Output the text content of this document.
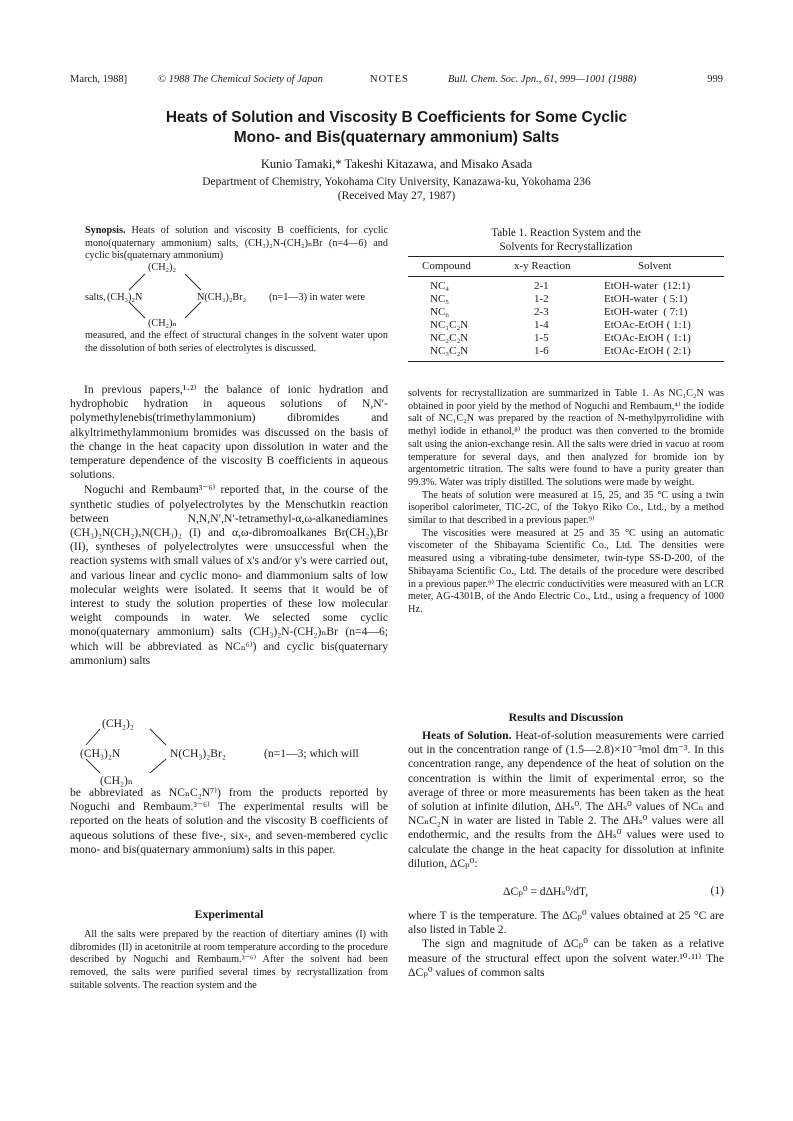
March, 1988]	© 1988 The Chemical Society of Japan	NOTES	Bull. Chem. Soc. Jpn., 61, 999—1001 (1988)	999
Heats of Solution and Viscosity B Coefficients for Some Cyclic
Mono- and Bis(quaternary ammonium) Salts
Kunio Tamaki,* Takeshi Kitazawa, and Misako Asada
Department of Chemistry, Yokohama City University, Kanazawa-ku, Yokohama 236
(Received May 27, 1987)
Synopsis. Heats of solution and viscosity B coefficients, for cyclic mono(quaternary ammonium) salts, (CH₃)₂N-(CH₂)ₙBr (n=4—6) and cyclic bis(quaternary ammonium)
(CH₂)₂
salts, (CH₃)₂N	N(CH₃)₂Br₂ (n=1—3) in water were
(CH₂)ₙ
measured, and the effect of structural changes in the solvent water upon the dissolution of both series of electrolytes is discussed.

In previous papers,¹·²⁾ the balance of ionic hydration and hydrophobic hydration in aqueous solutions of N,N′-polymethylenebis(trimethylammonium) dibromides and alkyltrimethylammonium bromides was discussed on the basis of the change in the heat capacity upon dissolution in water and the temperature dependence of the viscosity B coefficients in aqueous solutions.

Noguchi and Rembaum³⁻⁶⁾ reported that, in the course of the synthetic studies of polyelectrolytes by the Menschutkin reaction between N,N,N′,N′-tetramethyl-α,ω-alkanediamines (CH₃)₂N(CH₂)ₓN(CH₃)₂ (I) and α,ω-dibromoalkanes Br(CH₂)ᵧBr (II), syntheses of polyelectrolytes were unsuccessful when the reaction systems with small values of x's and/or y's were carried out, and various linear and cyclic mono- and diammonium salts of low molecular weights were isolated. It seems that it would be of interest to study the solution properties of these low molecular weight compounds in water. We selected some cyclic mono(quaternary ammonium) salts (CH₃)₂N-(CH₂)ₙBr (n=4—6; which will be abbreviated as NCₙ⁶⁾) and cyclic bis(quaternary ammonium) salts

(CH₂)₂
(CH₃)₂N	N(CH₃)₂Br₂	(n=1—3; which will
(CH₂)ₙ
be abbreviated as NCₙC₂N⁷⁾) from the products reported by Noguchi and Rembaum.³⁻⁶⁾ The experimental results will be reported on the heats of solution and the viscosity B coefficients of aqueous solutions of these five-, six-, and seven-membered cyclic mono- and bis(quaternary ammonium) salts in this paper.
Experimental
All the salts were prepared by the reaction of ditertiary amines (I) with dibromides (II) in acetonitrile at room temperature according to the procedure described by Noguchi and Rembaum.³⁻⁶⁾ After the solvent had been removed, the salts were purified several times by recrystallization from suitable solvents. The reaction system and the
Table 1. Reaction System and the
Solvents for Recrystallization
Compound	x-y Reaction	Solvent
NC₄	2-1	EtOH-water  (12:1)
NC₅	1-2	EtOH-water  ( 5:1)
NC₆	2-3	EtOH-water  ( 7:1)
NC₁C₂N	1-4	EtOAc-EtOH ( 1:1)
NC₂C₂N	1-5	EtOAc-EtOH ( 1:1)
NC₃C₂N	1-6	EtOAc-EtOH ( 2:1)

solvents for recrystallization are summarized in Table 1. As NC₁C₂N was obtained in poor yield by the method of Noguchi and Rembaum,⁴⁾ the iodide salt of NC₁C₂N was prepared by the reaction of N-methylpyrrolidine with methyl iodide in ethanol,⁸⁾ the product was then converted to the bromide salt using the anion-exchange resin. All the salts were dried in vacuo at room temperature for several days, and then analyzed for bromide ion by argentometric titration. The salts were found to have a purity greater than 99.3%. Water was triply distilled. The solutions were made by weight.

The heats of solution were measured at 15, 25, and 35 °C using a twin isoperibol calorimeter, TIC-2C, of the Tokyo Riko Co., Ltd., by a method similar to that described in a previous paper.⁹⁾

The viscosities were measured at 25 and 35 °C using an automatic viscometer of the Shibayama Scientific Co., Ltd. The densities were measured using a vibrating-tube densimeter, twin-type SS-D-200, of the Shibayama Scientific Co., Ltd. The details of the procedure were described in a previous paper.⁹⁾ The electric conductivities were measured with an LCR meter, AG-4301B, of the Ando Electric Co., Ltd., using a frequency of 1000 Hz.

Results and Discussion
Heats of Solution. Heat-of-solution measurements were carried out in the concentration range of (1.5—2.8)×10⁻³mol dm⁻³. In this concentration range, any dependence of the heat of solution on the concentration is within the limit of experimental error, so the average of three or more measurements has been taken as the heat of solution at infinite dilution, ΔHₛ⁰. The ΔHₛ⁰ values of NCₙ and NCₙC₂N in water are listed in Table 2. The ΔHₛ⁰ values were all endothermic, and the results from the ΔHₛ⁰ values were used to calculate the change in the heat capacity for dissolution at infinite dilution, ΔCₚ⁰:
ΔCₚ⁰ = dΔHₛ⁰/dT,	(1)

where T is the temperature. The ΔCₚ⁰ values obtained at 25 °C are also listed in Table 2.

The sign and magnitude of ΔCₚ⁰ can be taken as a relative measure of the structural effect upon the solvent water.¹⁰·¹¹⁾ The ΔCₚ⁰ values of common salts
